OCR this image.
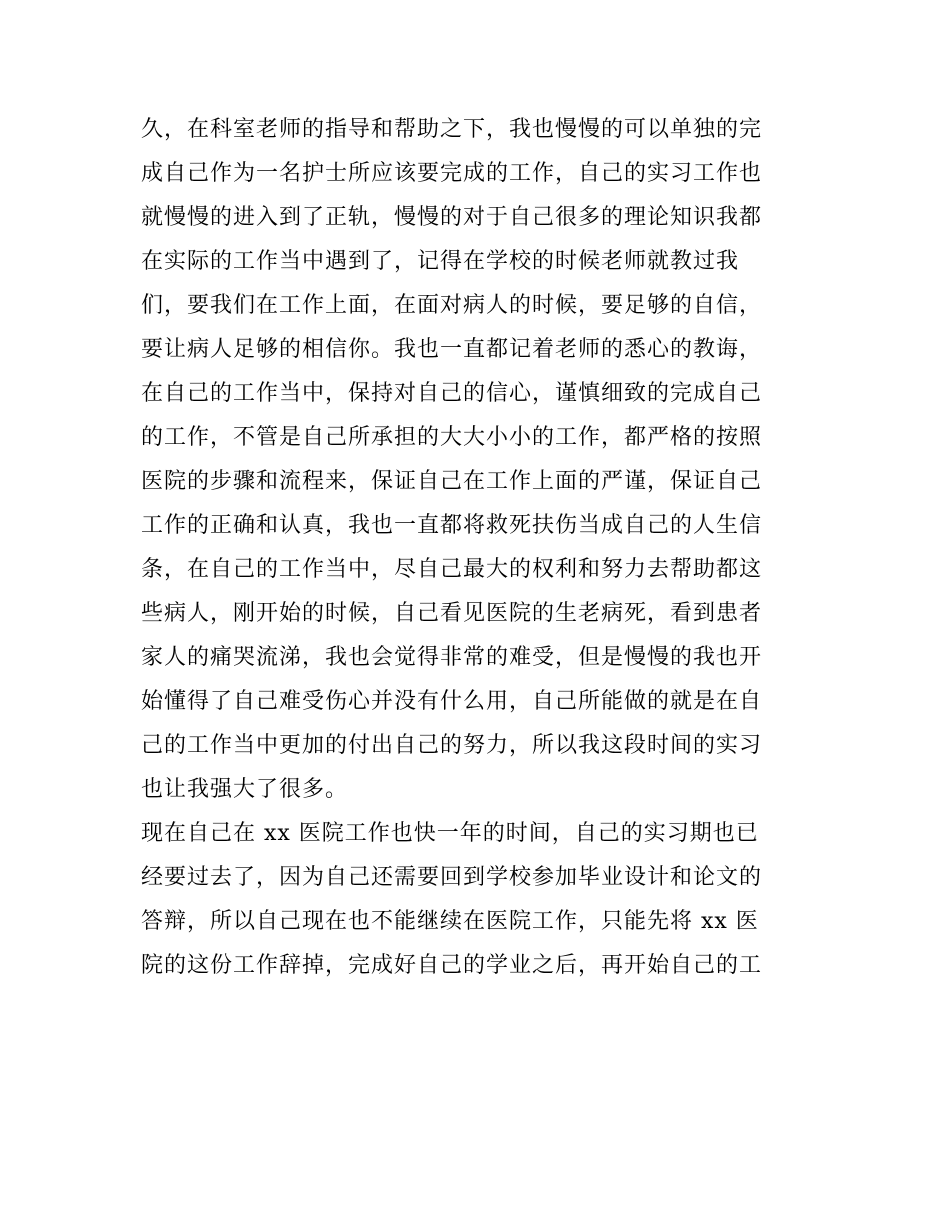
久，在科室老师的指导和帮助之下，我也慢慢的可以单独的完
成自己作为一名护士所应该要完成的工作，自己的实习工作也
就慢慢的进入到了正轨，慢慢的对于自己很多的理论知识我都
在实际的工作当中遇到了，记得在学校的时候老师就教过我
们，要我们在工作上面，在面对病人的时候，要足够的自信，
要让病人足够的相信你。我也一直都记着老师的悉心的教诲，
在自己的工作当中，保持对自己的信心，谨慎细致的完成自己
的工作，不管是自己所承担的大大小小的工作，都严格的按照
医院的步骤和流程来，保证自己在工作上面的严谨，保证自己
工作的正确和认真，我也一直都将救死扶伤当成自己的人生信
条，在自己的工作当中，尽自己最大的权利和努力去帮助都这
些病人，刚开始的时候，自己看见医院的生老病死，看到患者
家人的痛哭流涕，我也会觉得非常的难受，但是慢慢的我也开
始懂得了自己难受伤心并没有什么用，自己所能做的就是在自
己的工作当中更加的付出自己的努力，所以我这段时间的实习
也让我强大了很多。
现在自己在 xx 医院工作也快一年的时间，自己的实习期也已
经要过去了，因为自己还需要回到学校参加毕业设计和论文的
答辩，所以自己现在也不能继续在医院工作，只能先将 xx 医
院的这份工作辞掉，完成好自己的学业之后，再开始自己的工
